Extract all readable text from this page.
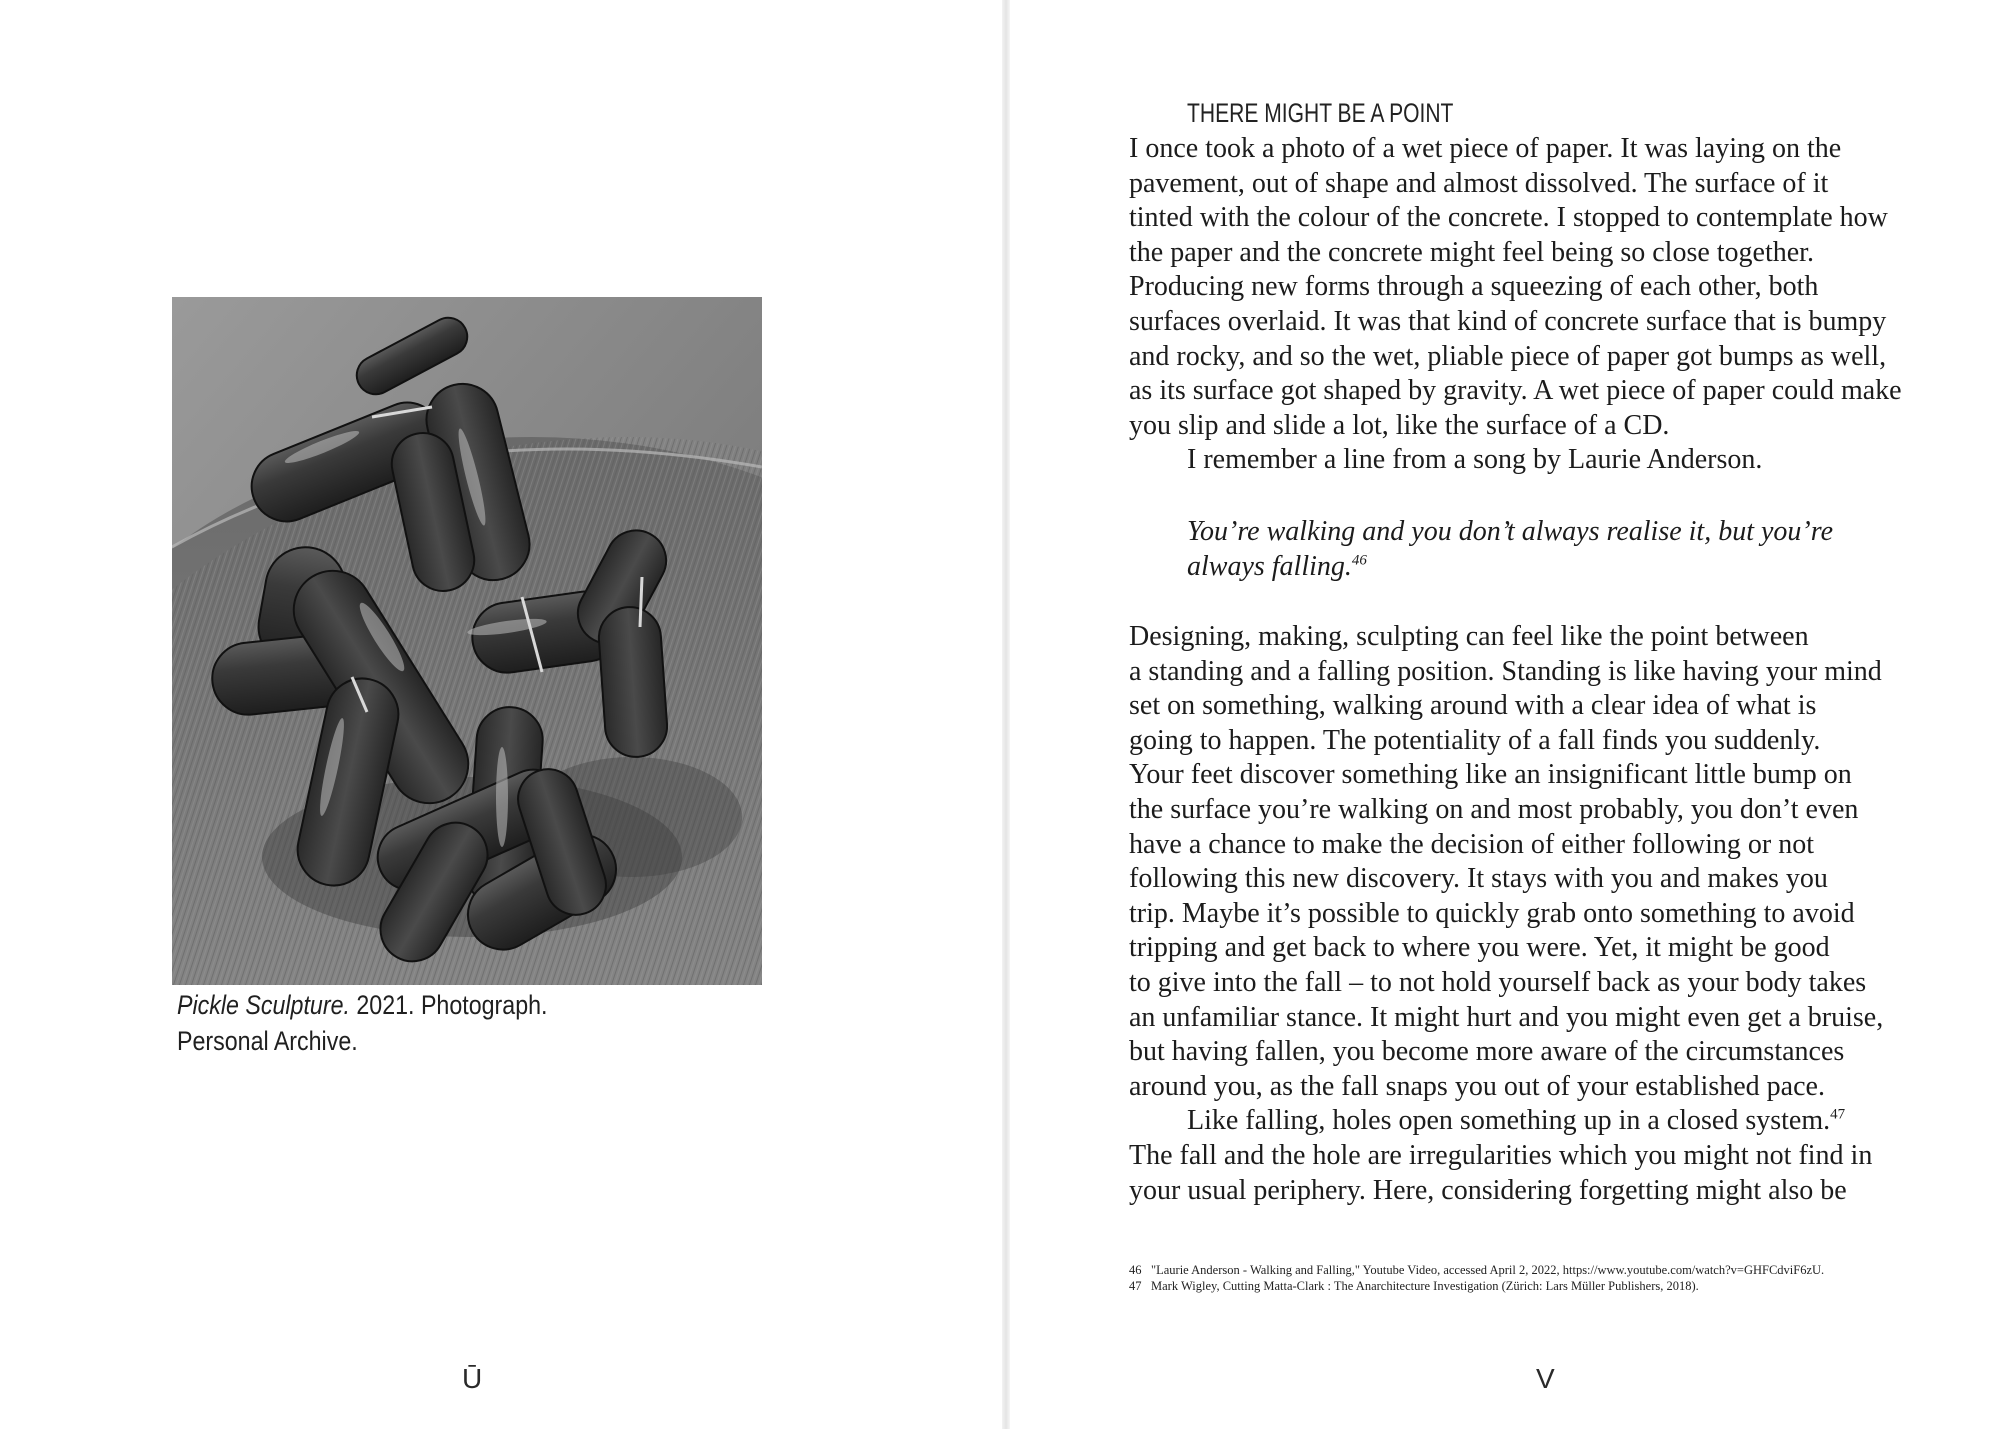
Pickle Sculpture. 2021. Photograph.
Personal Archive.
Ū
THERE MIGHT BE A POINT
I once took a photo of a wet piece of paper. It was laying on the
pavement, out of shape and almost dissolved. The surface of it
tinted with the colour of the concrete. I stopped to contemplate how
the paper and the concrete might feel being so close together.
Producing new forms through a squeezing of each other, both
surfaces overlaid. It was that kind of concrete surface that is bumpy
and rocky, and so the wet, pliable piece of paper got bumps as well,
as its surface got shaped by gravity. A wet piece of paper could make
you slip and slide a lot, like the surface of a CD.
I remember a line from a song by Laurie Anderson.
You’re walking and you don’t always realise it, but you’re
always falling.$^{46}$
Designing, making, sculpting can feel like the point between
a standing and a falling position. Standing is like having your mind
set on something, walking around with a clear idea of what is
going to happen. The potentiality of a fall finds you suddenly.
Your feet discover something like an insignificant little bump on
the surface you’re walking on and most probably, you don’t even
have a chance to make the decision of either following or not
following this new discovery. It stays with you and makes you
trip. Maybe it’s possible to quickly grab onto something to avoid
tripping and get back to where you were. Yet, it might be good
to give into the fall – to not hold yourself back as your body takes
an unfamiliar stance. It might hurt and you might even get a bruise,
but having fallen, you become more aware of the circumstances
around you, as the fall snaps you out of your established pace.
Like falling, holes open something up in a closed system.$^{47}$
The fall and the hole are irregularities which you might not find in
your usual periphery. Here, considering forgetting might also be
46 "Laurie Anderson - Walking and Falling," Youtube Video, accessed April 2, 2022, https://www.youtube.com/watch?v=GHFCdviF6zU.
47 Mark Wigley, Cutting Matta-Clark : The Anarchitecture Investigation (Zürich: Lars Müller Publishers, 2018).
V
